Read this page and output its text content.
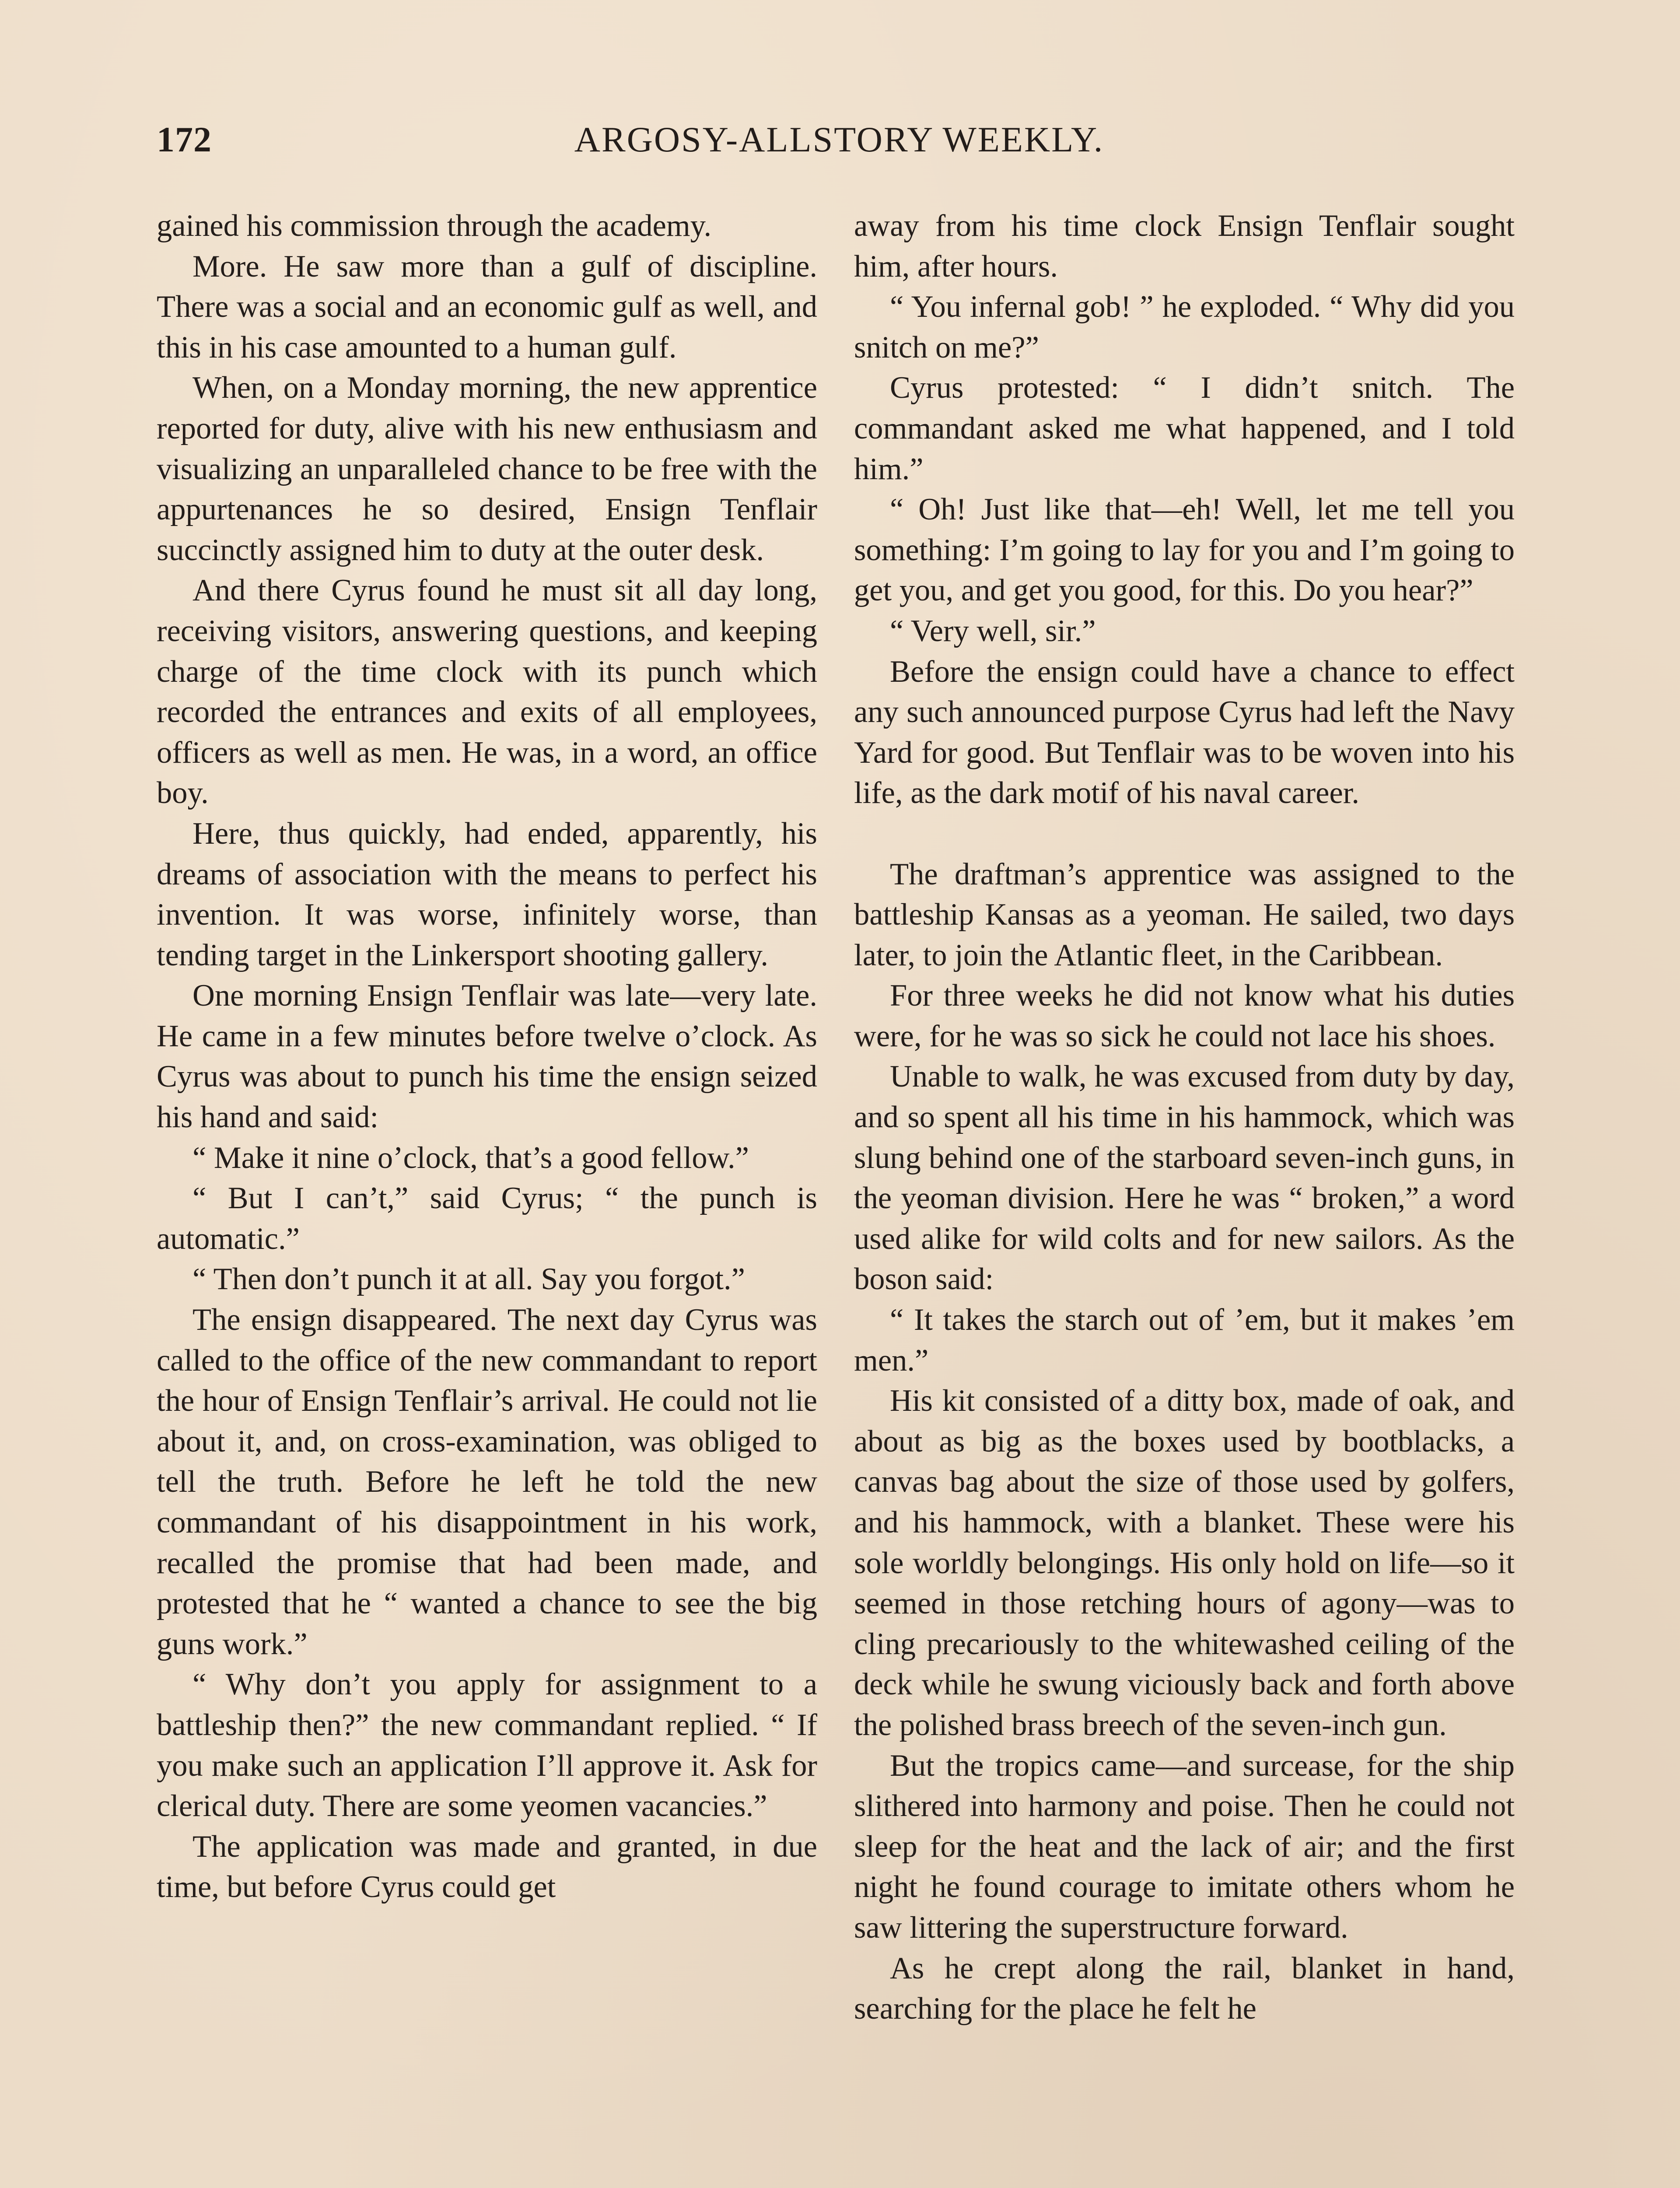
172	ARGOSY-ALLSTORY WEEKLY.

gained his commission through the academy.

More. He saw more than a gulf of discipline. There was a social and an economic gulf as well, and this in his case amounted to a human gulf.

When, on a Monday morning, the new apprentice reported for duty, alive with his new enthusiasm and visualizing an unparalleled chance to be free with the appurtenances he so desired, Ensign Tenflair succinctly assigned him to duty at the outer desk.

And there Cyrus found he must sit all day long, receiving visitors, answering questions, and keeping charge of the time clock with its punch which recorded the entrances and exits of all employees, officers as well as men. He was, in a word, an office boy.

Here, thus quickly, had ended, apparently, his dreams of association with the means to perfect his invention. It was worse, infinitely worse, than tending target in the Linkersport shooting gallery.

One morning Ensign Tenflair was late—very late. He came in a few minutes before twelve o’clock. As Cyrus was about to punch his time the ensign seized his hand and said:

“ Make it nine o’clock, that’s a good fellow.”

“ But I can’t,” said Cyrus; “ the punch is automatic.”

“ Then don’t punch it at all. Say you forgot.”

The ensign disappeared. The next day Cyrus was called to the office of the new commandant to report the hour of Ensign Tenflair’s arrival. He could not lie about it, and, on cross-examination, was obliged to tell the truth. Before he left he told the new commandant of his disappointment in his work, recalled the promise that had been made, and protested that he “ wanted a chance to see the big guns work.”

“ Why don’t you apply for assignment to a battleship then?” the new commandant replied. “ If you make such an application I’ll approve it. Ask for clerical duty. There are some yeomen vacancies.”

The application was made and granted, in due time, but before Cyrus could get

away from his time clock Ensign Tenflair sought him, after hours.

“ You infernal gob! ” he exploded. “ Why did you snitch on me?”

Cyrus protested: “ I didn’t snitch. The commandant asked me what happened, and I told him.”

“ Oh! Just like that—eh! Well, let me tell you something: I’m going to lay for you and I’m going to get you, and get you good, for this. Do you hear?”

“ Very well, sir.”

Before the ensign could have a chance to effect any such announced purpose Cyrus had left the Navy Yard for good. But Tenflair was to be woven into his life, as the dark motif of his naval career.

The draftman’s apprentice was assigned to the battleship Kansas as a yeoman. He sailed, two days later, to join the Atlantic fleet, in the Caribbean.

For three weeks he did not know what his duties were, for he was so sick he could not lace his shoes.

Unable to walk, he was excused from duty by day, and so spent all his time in his hammock, which was slung behind one of the starboard seven-inch guns, in the yeoman division. Here he was “ broken,” a word used alike for wild colts and for new sailors. As the boson said:

“ It takes the starch out of ’em, but it makes ’em men.”

His kit consisted of a ditty box, made of oak, and about as big as the boxes used by bootblacks, a canvas bag about the size of those used by golfers, and his hammock, with a blanket. These were his sole worldly belongings. His only hold on life—so it seemed in those retching hours of agony—was to cling precariously to the whitewashed ceiling of the deck while he swung viciously back and forth above the polished brass breech of the seven-inch gun.

But the tropics came—and surcease, for the ship slithered into harmony and poise. Then he could not sleep for the heat and the lack of air; and the first night he found courage to imitate others whom he saw littering the superstructure forward.

As he crept along the rail, blanket in hand, searching for the place he felt he
